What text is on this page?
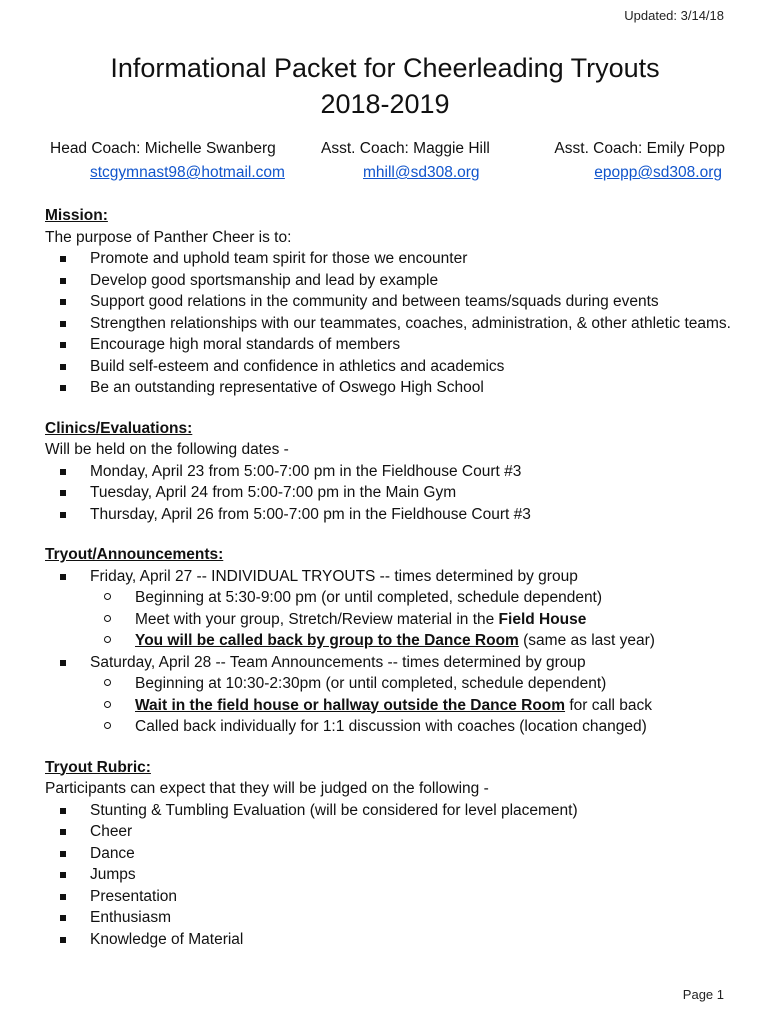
Updated: 3/14/18
Informational Packet for Cheerleading Tryouts
2018-2019
Head Coach: Michelle Swanberg	Asst. Coach: Maggie Hill	Asst. Coach: Emily Popp
stcgymnast98@hotmail.com	mhill@sd308.org	epopp@sd308.org
Mission:
The purpose of Panther Cheer is to:
Promote and uphold team spirit for those we encounter
Develop good sportsmanship and lead by example
Support good relations in the community and between teams/squads during events
Strengthen relationships with our teammates, coaches, administration, & other athletic teams.
Encourage high moral standards of members
Build self-esteem and confidence in athletics and academics
Be an outstanding representative of Oswego High School
Clinics/Evaluations:
Will be held on the following dates -
Monday, April 23 from 5:00-7:00 pm in the Fieldhouse Court #3
Tuesday, April 24 from 5:00-7:00 pm in the Main Gym
Thursday, April 26 from 5:00-7:00 pm in the Fieldhouse Court #3
Tryout/Announcements:
Friday, April 27 -- INDIVIDUAL TRYOUTS -- times determined by group
Beginning at 5:30-9:00 pm (or until completed, schedule dependent)
Meet with your group, Stretch/Review material in the Field House
You will be called back by group to the Dance Room (same as last year)
Saturday, April 28 -- Team Announcements -- times determined by group
Beginning at 10:30-2:30pm (or until completed, schedule dependent)
Wait in the field house or hallway outside the Dance Room for call back
Called back individually for 1:1 discussion with coaches (location changed)
Tryout Rubric:
Participants can expect that they will be judged on the following -
Stunting & Tumbling Evaluation (will be considered for level placement)
Cheer
Dance
Jumps
Presentation
Enthusiasm
Knowledge of Material
Page 1
